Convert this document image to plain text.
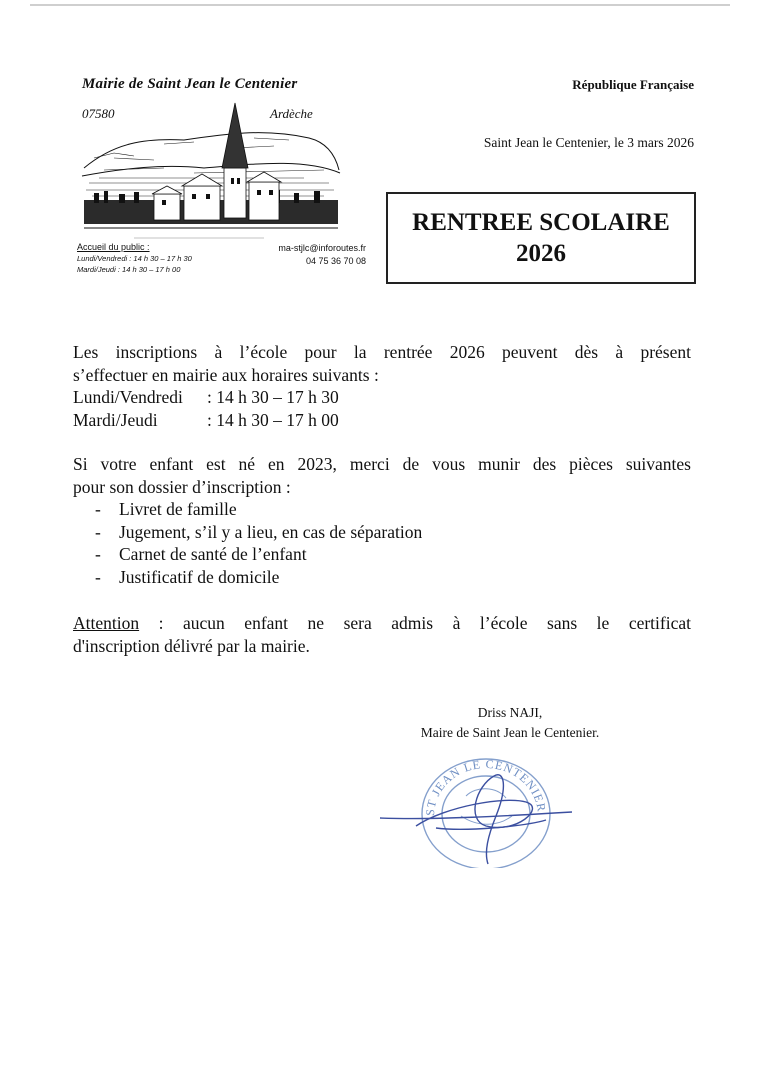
Mairie de Saint Jean le Centenier
07580	Ardèche
Accueil du public :
Lundi/Vendredi : 14 h 30 – 17 h 30
Mardi/Jeudi : 14 h 30 – 17 h 00
ma-stjlc@inforoutes.fr
04 75 36 70 08
République Française
Saint Jean le Centenier, le 3 mars 2026
RENTREE SCOLAIRE
2026
Les inscriptions à l’école pour la rentrée 2026 peuvent dès à présent
s’effectuer en mairie aux horaires suivants :
Lundi/Vendredi	: 14 h 30 – 17 h 30
Mardi/Jeudi	: 14 h 30 – 17 h 00
Si votre enfant est né en 2023, merci de vous munir des pièces suivantes
pour son dossier d’inscription :
-	Livret de famille
-	Jugement, s’il y a lieu, en cas de séparation
-	Carnet de santé de l’enfant
-	Justificatif de domicile
Attention : aucun enfant ne sera admis à l’école sans le certificat
d'inscription délivré par la mairie.
Driss NAJI,
Maire de Saint Jean le Centenier.
ST JEAN LE CENTENIER
